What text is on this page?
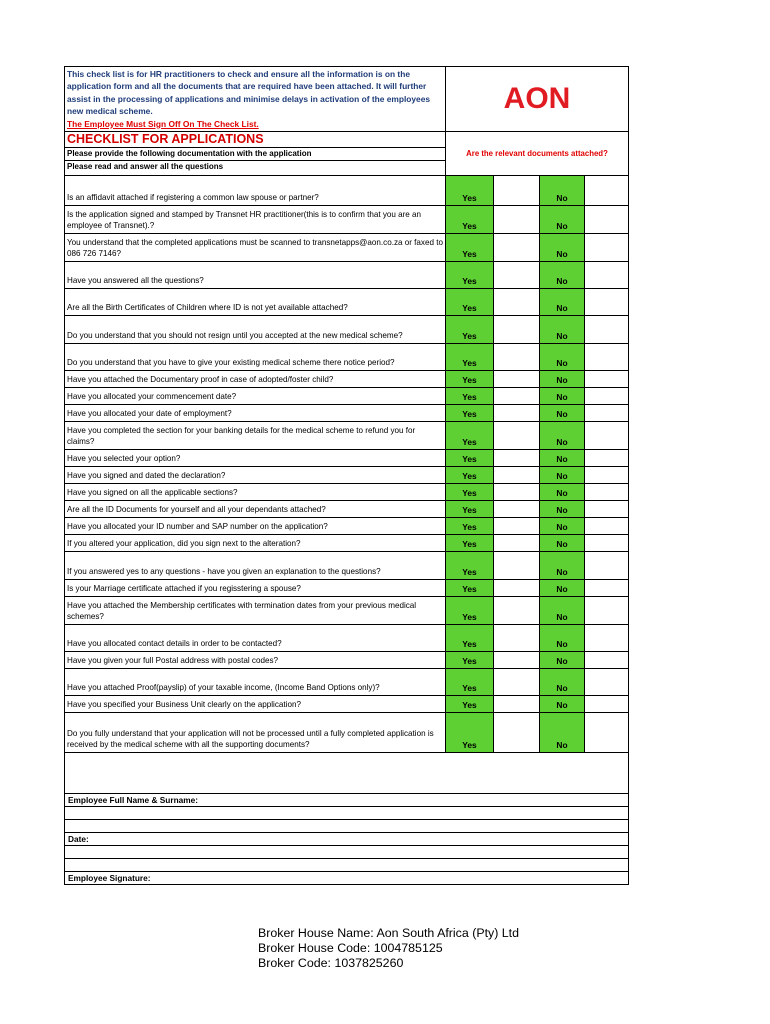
This check list is for HR practitioners to check and ensure all the information is on the application form and all the documents that are required have been attached. It will further assist in the processing of applications and minimise delays in activation of the employees new medical scheme.
The Employee Must Sign Off On The Check List.
AON
CHECKLIST FOR APPLICATIONS
Please provide the following documentation with the application
Please read and answer all the questions
Are the relevant documents attached?
Is an affidavit attached if registering a common law spouse or partner?	Yes	No
Is the application signed and stamped by Transnet HR practitioner(this is to confirm that you are an employee of Transnet).?	Yes	No
You understand that the completed applications must be scanned to transnetapps@aon.co.za or faxed to 086 726 7146?	Yes	No
Have you answered all the questions?	Yes	No
Are all the Birth Certificates of Children where ID is not yet available attached?	Yes	No
Do you understand that you should not resign until you accepted at the new medical scheme?	Yes	No
Do you understand that you have to give your existing medical scheme there notice period?	Yes	No
Have you attached the Documentary proof in case of adopted/foster child?	Yes	No
Have you allocated your commencement date?	Yes	No
Have you allocated your date of employment?	Yes	No
Have you completed the section for your banking details for the medical scheme to refund you for claims?	Yes	No
Have you selected your option?	Yes	No
Have you signed and dated the declaration?	Yes	No
Have you signed on all the applicable sections?	Yes	No
Are all the ID Documents for yourself and all your dependants attached?	Yes	No
Have you allocated your ID number and SAP number on the application?	Yes	No
If you altered your application, did you sign next to the alteration?	Yes	No
If you answered yes to any questions - have you given an explanation to the questions?	Yes	No
Is your Marriage certificate attached if you regisstering a spouse?	Yes	No
Have you attached the Membership certificates with termination dates from your previous medical schemes?	Yes	No
Have you allocated contact details in order to be contacted?	Yes	No
Have you given your full Postal address with postal codes?	Yes	No
Have you attached Proof(payslip) of your taxable income, (Income Band Options only)?	Yes	No
Have you specified your Business Unit clearly on the application?	Yes	No
Do you fully understand that your application will not be processed until a fully completed application is received by the medical scheme with all the supporting documents?	Yes	No
Employee Full Name & Surname:
Date:
Employee Signature:
Broker House Name: Aon South Africa (Pty) Ltd
Broker House Code: 1004785125
Broker Code: 1037825260
